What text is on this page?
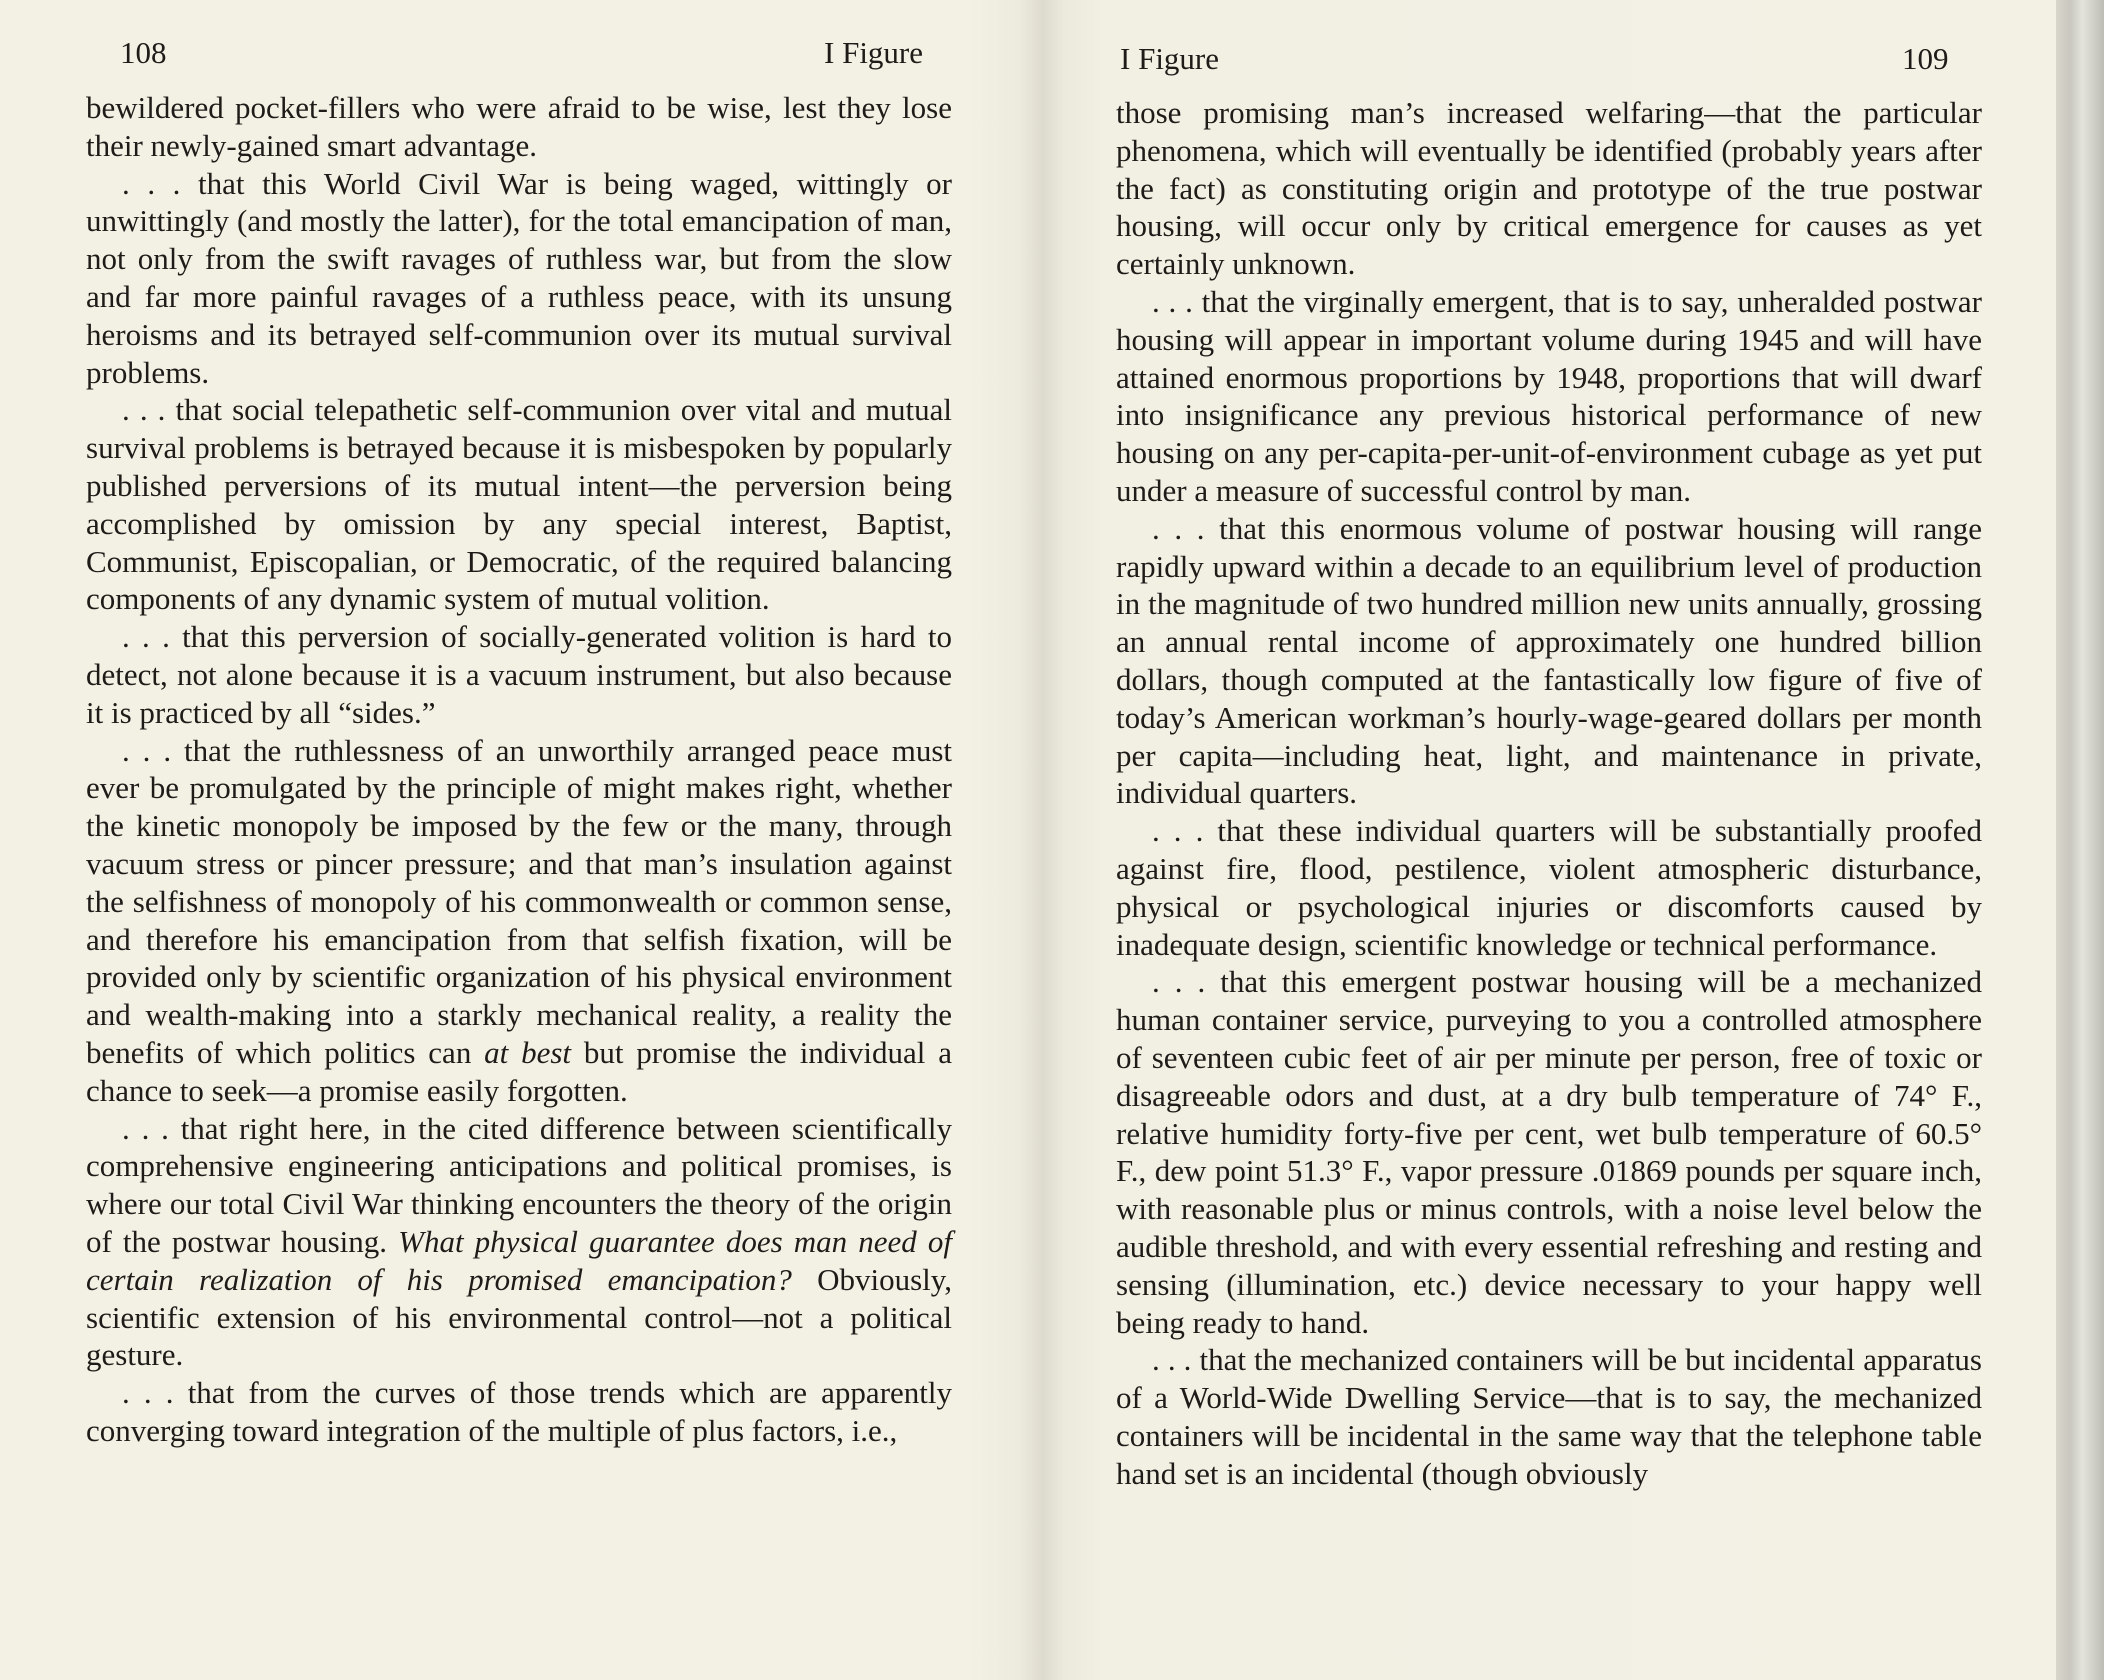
108	I Figure

bewildered pocket-fillers who were afraid to be wise, lest they lose their newly-gained smart advantage.

. . . that this World Civil War is being waged, wittingly or unwittingly (and mostly the latter), for the total emancipation of man, not only from the swift ravages of ruthless war, but from the slow and far more painful ravages of a ruthless peace, with its unsung heroisms and its betrayed self-communion over its mutual survival problems.

. . . that social telepathetic self-communion over vital and mutual survival problems is betrayed because it is misbespoken by popularly published perversions of its mutual intent—the perversion being accomplished by omission by any special interest, Baptist, Communist, Episcopalian, or Democratic, of the required balancing components of any dynamic system of mutual volition.

. . . that this perversion of socially-generated volition is hard to detect, not alone because it is a vacuum instrument, but also because it is practiced by all “sides.”

. . . that the ruthlessness of an unworthily arranged peace must ever be promulgated by the principle of might makes right, whether the kinetic monopoly be imposed by the few or the many, through vacuum stress or pincer pressure; and that man’s insulation against the selfishness of monopoly of his commonwealth or common sense, and therefore his emancipation from that selfish fixation, will be provided only by scientific organization of his physical environment and wealth-making into a starkly mechanical reality, a reality the benefits of which politics can at best but promise the individual a chance to seek—a promise easily forgotten.

. . . that right here, in the cited difference between scientifically comprehensive engineering anticipations and political promises, is where our total Civil War thinking encounters the theory of the origin of the postwar housing. What physical guarantee does man need of certain realization of his promised emancipation? Obviously, scientific extension of his environmental control—not a political gesture.

. . . that from the curves of those trends which are apparently converging toward integration of the multiple of plus factors, i.e.,

I Figure	109

those promising man’s increased welfaring—that the particular phenomena, which will eventually be identified (probably years after the fact) as constituting origin and prototype of the true postwar housing, will occur only by critical emergence for causes as yet certainly unknown.

. . . that the virginally emergent, that is to say, unheralded postwar housing will appear in important volume during 1945 and will have attained enormous proportions by 1948, proportions that will dwarf into insignificance any previous historical performance of new housing on any per-capita-per-unit-of-environment cubage as yet put under a measure of successful control by man.

. . . that this enormous volume of postwar housing will range rapidly upward within a decade to an equilibrium level of production in the magnitude of two hundred million new units annually, grossing an annual rental income of approximately one hundred billion dollars, though computed at the fantastically low figure of five of today’s American workman’s hourly-wage-geared dollars per month per capita—including heat, light, and maintenance in private, individual quarters.

. . . that these individual quarters will be substantially proofed against fire, flood, pestilence, violent atmospheric disturbance, physical or psychological injuries or discomforts caused by inadequate design, scientific knowledge or technical performance.

. . . that this emergent postwar housing will be a mechanized human container service, purveying to you a controlled atmosphere of seventeen cubic feet of air per minute per person, free of toxic or disagreeable odors and dust, at a dry bulb temperature of 74° F., relative humidity forty-five per cent, wet bulb temperature of 60.5° F., dew point 51.3° F., vapor pressure .01869 pounds per square inch, with reasonable plus or minus controls, with a noise level below the audible threshold, and with every essential refreshing and resting and sensing (illumination, etc.) device necessary to your happy well being ready to hand.

. . . that the mechanized containers will be but incidental apparatus of a World-Wide Dwelling Service—that is to say, the mechanized containers will be incidental in the same way that the telephone table hand set is an incidental (though obviously
